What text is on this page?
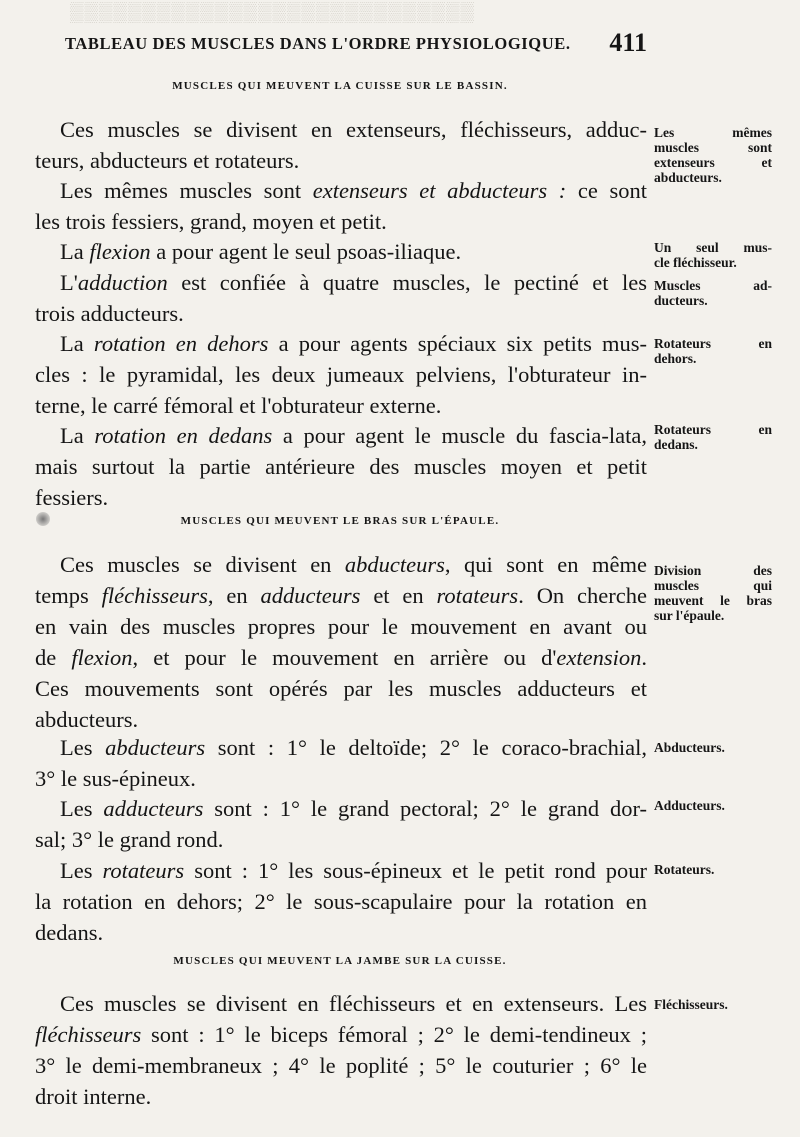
▒▒▒▒▒▒▒▒▒▒▒▒▒▒▒▒▒▒▒▒▒▒▒▒▒▒▒▒
TABLEAU DES MUSCLES DANS L'ORDRE PHYSIOLOGIQUE. 411
MUSCLES QUI MEUVENT LA CUISSE SUR LE BASSIN.

Ces muscles se divisent en extenseurs, fléchisseurs, adduc-
teurs, abducteurs et rotateurs.

Les mêmes muscles sont extenseurs et abducteurs : ce sont
les trois fessiers, grand, moyen et petit.

La flexion a pour agent le seul psoas-iliaque.

L'adduction est confiée à quatre muscles, le pectiné et les
trois adducteurs.

La rotation en dehors a pour agents spéciaux six petits mus-
cles : le pyramidal, les deux jumeaux pelviens, l'obturateur in-
terne, le carré fémoral et l'obturateur externe.

La rotation en dedans a pour agent le muscle du fascia-lata,
mais surtout la partie antérieure des muscles moyen et petit
fessiers.

Les mêmes
muscles sont
extenseurs et
abducteurs.

Un seul mus-
cle fléchisseur.

Muscles ad-
ducteurs.

Rotateurs en
dehors.

Rotateurs en
dedans.

MUSCLES QUI MEUVENT LE BRAS SUR L'ÉPAULE.

Ces muscles se divisent en abducteurs, qui sont en même
temps fléchisseurs, en adducteurs et en rotateurs. On cherche
en vain des muscles propres pour le mouvement en avant ou
de flexion, et pour le mouvement en arrière ou d'extension.
Ces mouvements sont opérés par les muscles adducteurs et
abducteurs.

Les abducteurs sont : 1° le deltoïde; 2° le coraco-brachial,
3° le sus-épineux.

Les adducteurs sont : 1° le grand pectoral; 2° le grand dor-
sal; 3° le grand rond.

Les rotateurs sont : 1° les sous-épineux et le petit rond pour
la rotation en dehors; 2° le sous-scapulaire pour la rotation en
dedans.

Division des
muscles qui
meuvent le bras
sur l'épaule.

Abducteurs.

Adducteurs.

Rotateurs.

MUSCLES QUI MEUVENT LA JAMBE SUR LA CUISSE.

Ces muscles se divisent en fléchisseurs et en extenseurs. Les
fléchisseurs sont : 1° le biceps fémoral ; 2° le demi-tendineux ;
3° le demi-membraneux ; 4° le poplité ; 5° le couturier ; 6° le
droit interne.

Fléchisseurs.
